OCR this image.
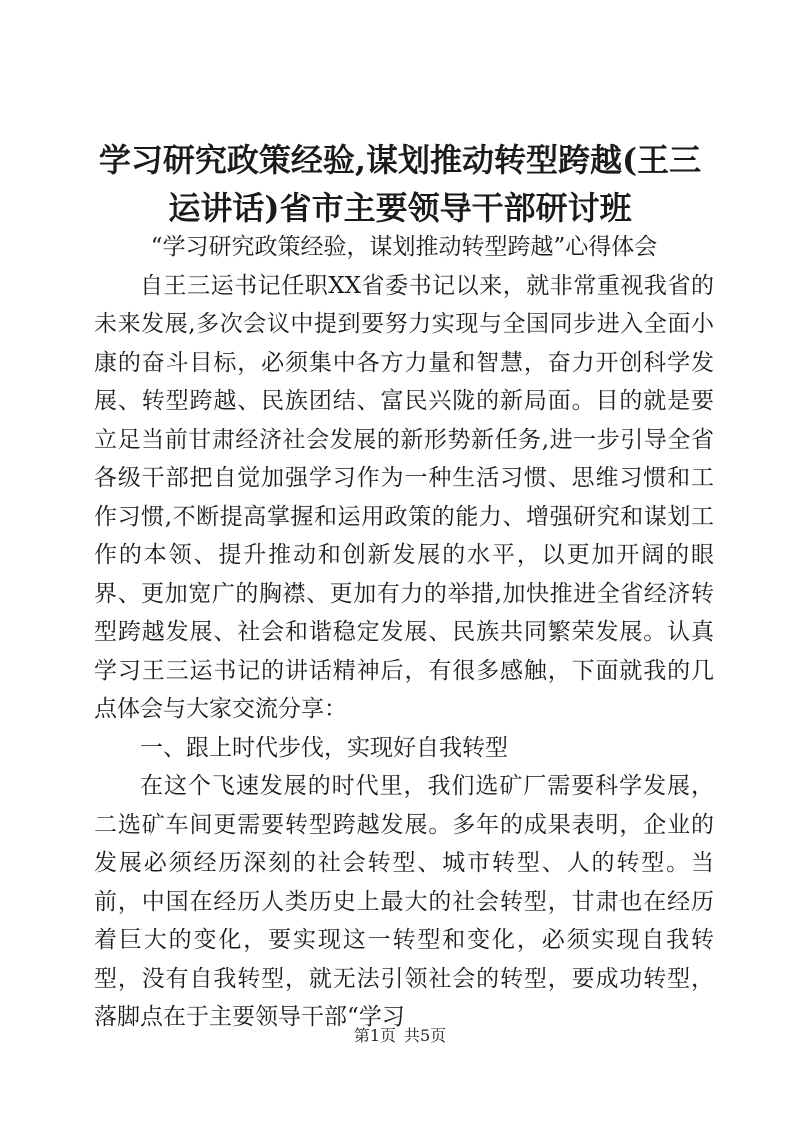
学习研究政策经验,谋划推动转型跨越(王三运讲话)省市主要领导干部研讨班

“学习研究政策经验，谋划推动转型跨越”心得体会

自王三运书记任职XX省委书记以来，就非常重视我省的未来发展,多次会议中提到要努力实现与全国同步进入全面小康的奋斗目标，必须集中各方力量和智慧，奋力开创科学发展、转型跨越、民族团结、富民兴陇的新局面。目的就是要立足当前甘肃经济社会发展的新形势新任务,进一步引导全省各级干部把自觉加强学习作为一种生活习惯、思维习惯和工作习惯,不断提高掌握和运用政策的能力、增强研究和谋划工作的本领、提升推动和创新发展的水平，以更加开阔的眼界、更加宽广的胸襟、更加有力的举措,加快推进全省经济转型跨越发展、社会和谐稳定发展、民族共同繁荣发展。认真学习王三运书记的讲话精神后，有很多感触，下面就我的几点体会与大家交流分享：

一、跟上时代步伐，实现好自我转型

在这个飞速发展的时代里，我们选矿厂需要科学发展，二选矿车间更需要转型跨越发展。多年的成果表明，企业的发展必须经历深刻的社会转型、城市转型、人的转型。当前，中国在经历人类历史上最大的社会转型，甘肃也在经历着巨大的变化，要实现这一转型和变化，必须实现自我转型，没有自我转型，就无法引领社会的转型，要成功转型，落脚点在于主要领导干部“学习

第1页 共5页
